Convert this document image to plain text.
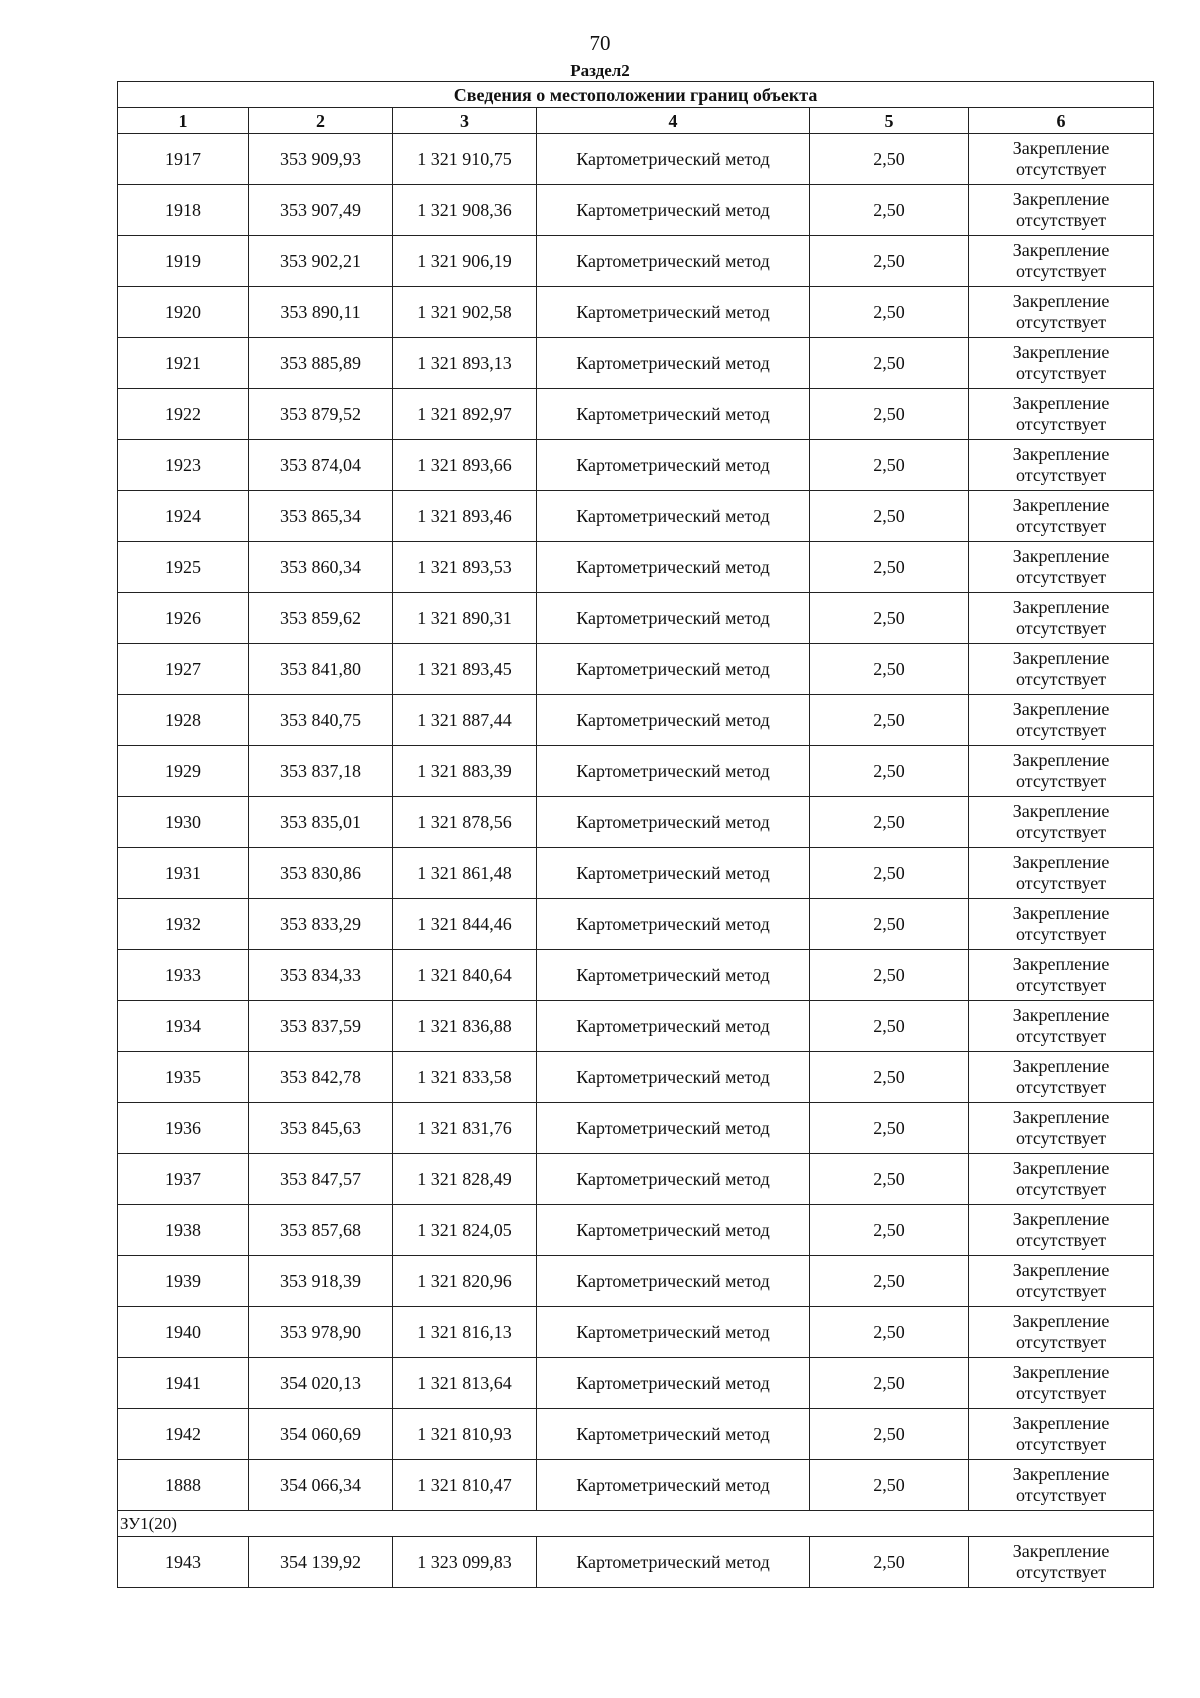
70
Раздел2
Сведения о местоположении границ объекта					
1	2	3	4	5	6
1917	353 909,93	1 321 910,75	Картометрический метод	2,50	Закрепление отсутствует
1918	353 907,49	1 321 908,36	Картометрический метод	2,50	Закрепление отсутствует
1919	353 902,21	1 321 906,19	Картометрический метод	2,50	Закрепление отсутствует
1920	353 890,11	1 321 902,58	Картометрический метод	2,50	Закрепление отсутствует
1921	353 885,89	1 321 893,13	Картометрический метод	2,50	Закрепление отсутствует
1922	353 879,52	1 321 892,97	Картометрический метод	2,50	Закрепление отсутствует
1923	353 874,04	1 321 893,66	Картометрический метод	2,50	Закрепление отсутствует
1924	353 865,34	1 321 893,46	Картометрический метод	2,50	Закрепление отсутствует
1925	353 860,34	1 321 893,53	Картометрический метод	2,50	Закрепление отсутствует
1926	353 859,62	1 321 890,31	Картометрический метод	2,50	Закрепление отсутствует
1927	353 841,80	1 321 893,45	Картометрический метод	2,50	Закрепление отсутствует
1928	353 840,75	1 321 887,44	Картометрический метод	2,50	Закрепление отсутствует
1929	353 837,18	1 321 883,39	Картометрический метод	2,50	Закрепление отсутствует
1930	353 835,01	1 321 878,56	Картометрический метод	2,50	Закрепление отсутствует
1931	353 830,86	1 321 861,48	Картометрический метод	2,50	Закрепление отсутствует
1932	353 833,29	1 321 844,46	Картометрический метод	2,50	Закрепление отсутствует
1933	353 834,33	1 321 840,64	Картометрический метод	2,50	Закрепление отсутствует
1934	353 837,59	1 321 836,88	Картометрический метод	2,50	Закрепление отсутствует
1935	353 842,78	1 321 833,58	Картометрический метод	2,50	Закрепление отсутствует
1936	353 845,63	1 321 831,76	Картометрический метод	2,50	Закрепление отсутствует
1937	353 847,57	1 321 828,49	Картометрический метод	2,50	Закрепление отсутствует
1938	353 857,68	1 321 824,05	Картометрический метод	2,50	Закрепление отсутствует
1939	353 918,39	1 321 820,96	Картометрический метод	2,50	Закрепление отсутствует
1940	353 978,90	1 321 816,13	Картометрический метод	2,50	Закрепление отсутствует
1941	354 020,13	1 321 813,64	Картометрический метод	2,50	Закрепление отсутствует
1942	354 060,69	1 321 810,93	Картометрический метод	2,50	Закрепление отсутствует
1888	354 066,34	1 321 810,47	Картометрический метод	2,50	Закрепление отсутствует
ЗУ1(20)					
1943	354 139,92	1 323 099,83	Картометрический метод	2,50	Закрепление отсутствует
